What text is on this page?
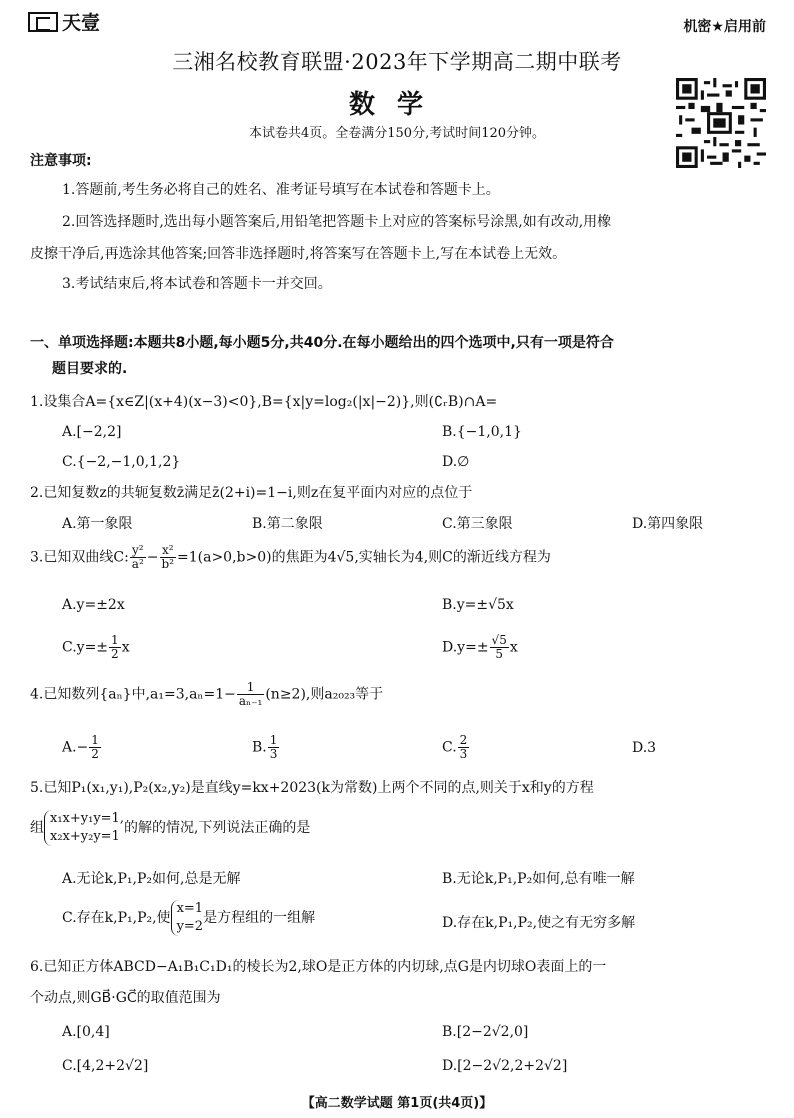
天壹	机密★启用前
三湘名校教育联盟·2023年下学期高二期中联考
数学
本试卷共4页。全卷满分150分,考试时间120分钟。
注意事项:
1.答题前,考生务必将自己的姓名、准考证号填写在本试卷和答题卡上。
2.回答选择题时,选出每小题答案后,用铅笔把答题卡上对应的答案标号涂黑,如有改动,用橡
皮擦干净后,再选涂其他答案;回答非选择题时,将答案写在答题卡上,写在本试卷上无效。
3.考试结束后,将本试卷和答题卡一并交回。
一、单项选择题:本题共8小题,每小题5分,共40分.在每小题给出的四个选项中,只有一项是符合
题目要求的.
1.设集合A={x∈Z|(x+4)(x−3)<0},B={x|y=log₂(|x|−2)},则(∁ᵣB)∩A=
A.[−2,2]	B.{−1,0,1}
C.{−2,−1,0,1,2}	D.∅
2.已知复数z的共轭复数z̄满足z̄(2+i)=1−i,则z在复平面内对应的点位于
A.第一象限	B.第二象限	C.第三象限	D.第四象限
3.已知双曲线C: $\frac{\text{y²}}{\text{a²}} - \frac{\text{x²}}{\text{b²}} =1(a>0,b>0)$的焦距为4√5,实轴长为4,则C的渐近线方程为
A.y=±2x	B.y=±√5x
$C.y=\pm \frac{1}{2}$ x	$D.y=\pm \frac{√5}{5}$ x
4.已知数列{aₙ}中$,a_1=3,a_n=1- \frac{1}{\text{aₙ₋₁}} (n\ge 2)$,则a₂₀₂₃等于
$A.- \frac{1}{2}$	B. $\frac{1}{3}$	C. $\frac{2}{3}$	D.3
5.已知P₁(x₁,y₁),P₂(x₂,y₂)是直线y=kx+2023(k为常数)上两个不同的点,则关于x和y的方程
组
x₁x+y₁y=1,
x₂x+y₂y=1
的解的情况,下列说法正确的是
A.无论k,P₁,P₂如何,总是无解	B.无论k,P₁,P₂如何,总有唯一解
C.存在k,P₁,P₂,使
x=1
y=2
是方程组的一组解	D.存在k,P₁,P₂,使之有无穷多解
6.已知正方体ABCD−A₁B₁C₁D₁的棱长为2,球O是正方体的内切球,点G是内切球O表面上的一
个动点,则GB⃗·GC⃗的取值范围为
A.[0,4]	B.[2−2√2,0]
C.[4,2+2√2]	D.[2−2√2,2+2√2]
【高二数学试题 第1页(共4页)】
